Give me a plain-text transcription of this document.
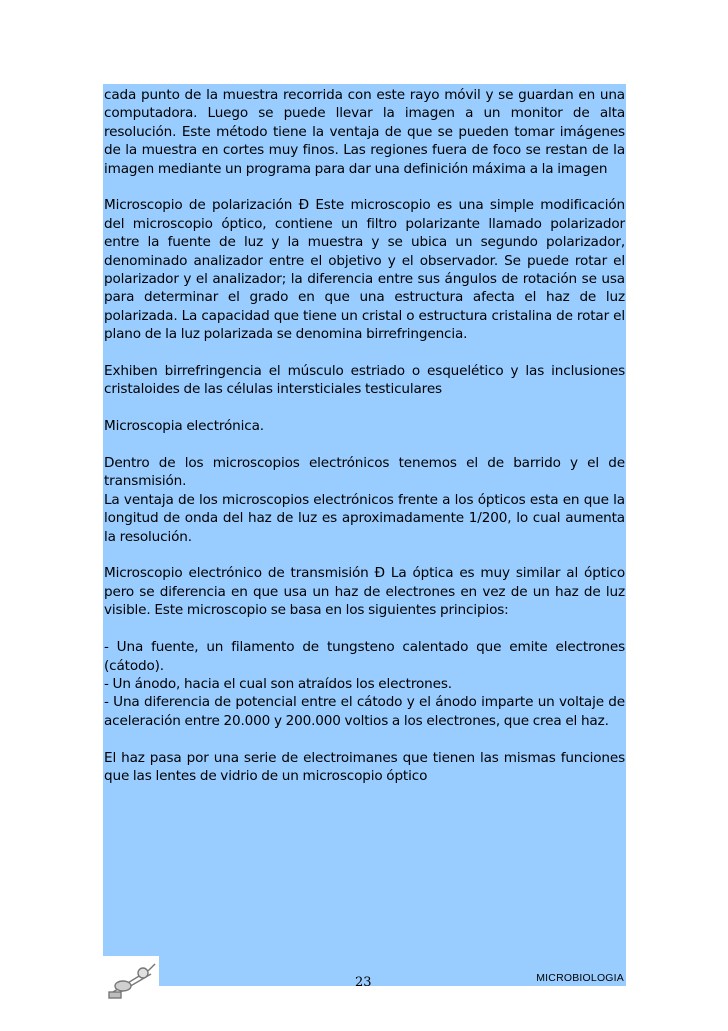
cada punto de la muestra recorrida con este rayo móvil y se guardan en una computadora. Luego se puede llevar la imagen a un monitor de alta resolución. Este método tiene la ventaja de que se pueden tomar imágenes de la muestra en cortes muy finos. Las regiones fuera de foco se restan de la imagen mediante un programa para dar una definición máxima a la imagen

Microscopio de polarización Ð Este microscopio es una simple modificación del microscopio óptico, contiene un filtro polarizante llamado polarizador entre la fuente de luz y la muestra y se ubica un segundo polarizador, denominado analizador entre el objetivo y el observador. Se puede rotar el polarizador y el analizador; la diferencia entre sus ángulos de rotación se usa para determinar el grado en que una estructura afecta el haz de luz polarizada. La capacidad que tiene un cristal o estructura cristalina de rotar el plano de la luz polarizada se denomina birrefringencia.

Exhiben birrefringencia el músculo estriado o esquelético y las inclusiones cristaloides de las células intersticiales testiculares

Microscopia electrónica.

Dentro de los microscopios electrónicos tenemos el de barrido y el de transmisión.
La ventaja de los microscopios electrónicos frente a los ópticos esta en que la longitud de onda del haz de luz es aproximadamente 1/200, lo cual aumenta la resolución.

Microscopio electrónico de transmisión Ð La óptica es muy similar al óptico pero se diferencia en que usa un haz de electrones en vez de un haz de luz visible. Este microscopio se basa en los siguientes principios:

- Una fuente, un filamento de tungsteno calentado que emite electrones (cátodo).
- Un ánodo, hacia el cual son atraídos los electrones.
- Una diferencia de potencial entre el cátodo y el ánodo imparte un voltaje de aceleración entre 20.000 y 200.000 voltios a los electrones, que crea el haz.

El haz pasa por una serie de electroimanes que tienen las mismas funciones que las lentes de vidrio de un microscopio óptico

23	MICROBIOLOGIA
